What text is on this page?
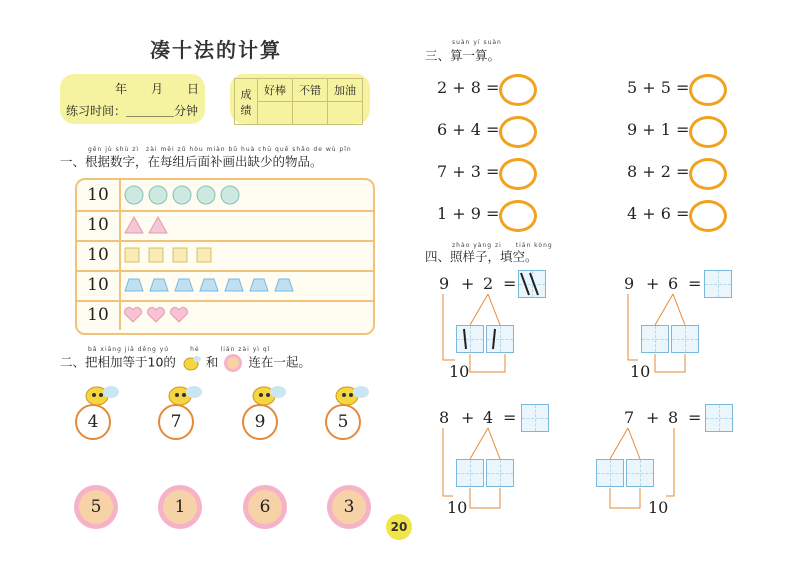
凑十法的计算
年　　月　　日
练习时间：＿＿＿＿分钟
成绩	好棒	不错	加油

gēn jù shù zì　zài měi zǔ hòu miàn bǔ huà chū quē shǎo de wù pǐn
一、根据数字，在每组后面补画出缺少的物品。
10
10
10
10
10
bǎ xiāng jiā děng yú　　　hé　　　lián zài yì qǐ
二、把相加等于10的 和 连在一起。
4	7	9	5
5	1	6	3
20
suàn yí suàn
三、算一算。
2 + 8 =	5 + 5 =
6 + 4 =	9 + 1 =
7 + 3 =	8 + 2 =
1 + 9 =	4 + 6 =
zhào yàng zi　　tián kòng
四、照样子，填空。
9 + 2 =
10
9 + 6 =
10
8 + 4 =
10
7 + 8 =
10
